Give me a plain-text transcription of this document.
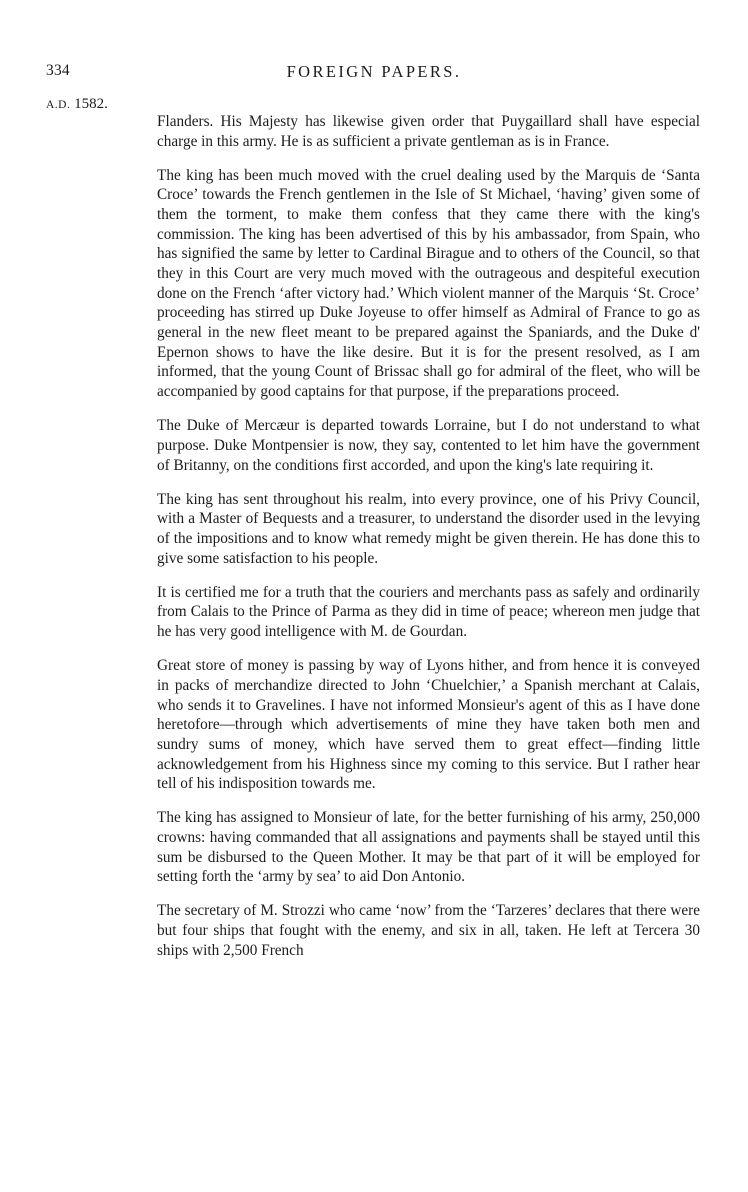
334	FOREIGN PAPERS.
A.D. 1582.

Flanders. His Majesty has likewise given order that Puygaillard shall have especial charge in this army. He is as sufficient a private gentleman as is in France.

The king has been much moved with the cruel dealing used by the Marquis de ‘Santa Croce’ towards the French gentlemen in the Isle of St Michael, ‘having’ given some of them the torment, to make them confess that they came there with the king's commission. The king has been advertised of this by his ambassador, from Spain, who has signified the same by letter to Cardinal Birague and to others of the Council, so that they in this Court are very much moved with the outrageous and despiteful execution done on the French ‘after victory had.’ Which violent manner of the Marquis ‘St. Croce’ proceeding has stirred up Duke Joyeuse to offer himself as Admiral of France to go as general in the new fleet meant to be prepared against the Spaniards, and the Duke d' Epernon shows to have the like desire. But it is for the present resolved, as I am informed, that the young Count of Brissac shall go for admiral of the fleet, who will be accompanied by good captains for that purpose, if the preparations proceed.

The Duke of Mercæur is departed towards Lorraine, but I do not understand to what purpose. Duke Montpensier is now, they say, contented to let him have the government of Britanny, on the conditions first accorded, and upon the king's late requiring it.

The king has sent throughout his realm, into every province, one of his Privy Council, with a Master of Bequests and a treasurer, to understand the disorder used in the levying of the impositions and to know what remedy might be given therein. He has done this to give some satisfaction to his people.

It is certified me for a truth that the couriers and merchants pass as safely and ordinarily from Calais to the Prince of Parma as they did in time of peace; whereon men judge that he has very good intelligence with M. de Gourdan.

Great store of money is passing by way of Lyons hither, and from hence it is conveyed in packs of merchandize directed to John ‘Chuelchier,’ a Spanish merchant at Calais, who sends it to Gravelines. I have not informed Monsieur's agent of this as I have done heretofore—through which advertisements of mine they have taken both men and sundry sums of money, which have served them to great effect—finding little acknowledgement from his Highness since my coming to this service. But I rather hear tell of his indisposition towards me.

The king has assigned to Monsieur of late, for the better furnishing of his army, 250,000 crowns: having commanded that all assignations and payments shall be stayed until this sum be disbursed to the Queen Mother. It may be that part of it will be employed for setting forth the ‘army by sea’ to aid Don Antonio.

The secretary of M. Strozzi who came ‘now’ from the ‘Tarzeres’ declares that there were but four ships that fought with the enemy, and six in all, taken. He left at Tercera 30 ships with 2,500 French
